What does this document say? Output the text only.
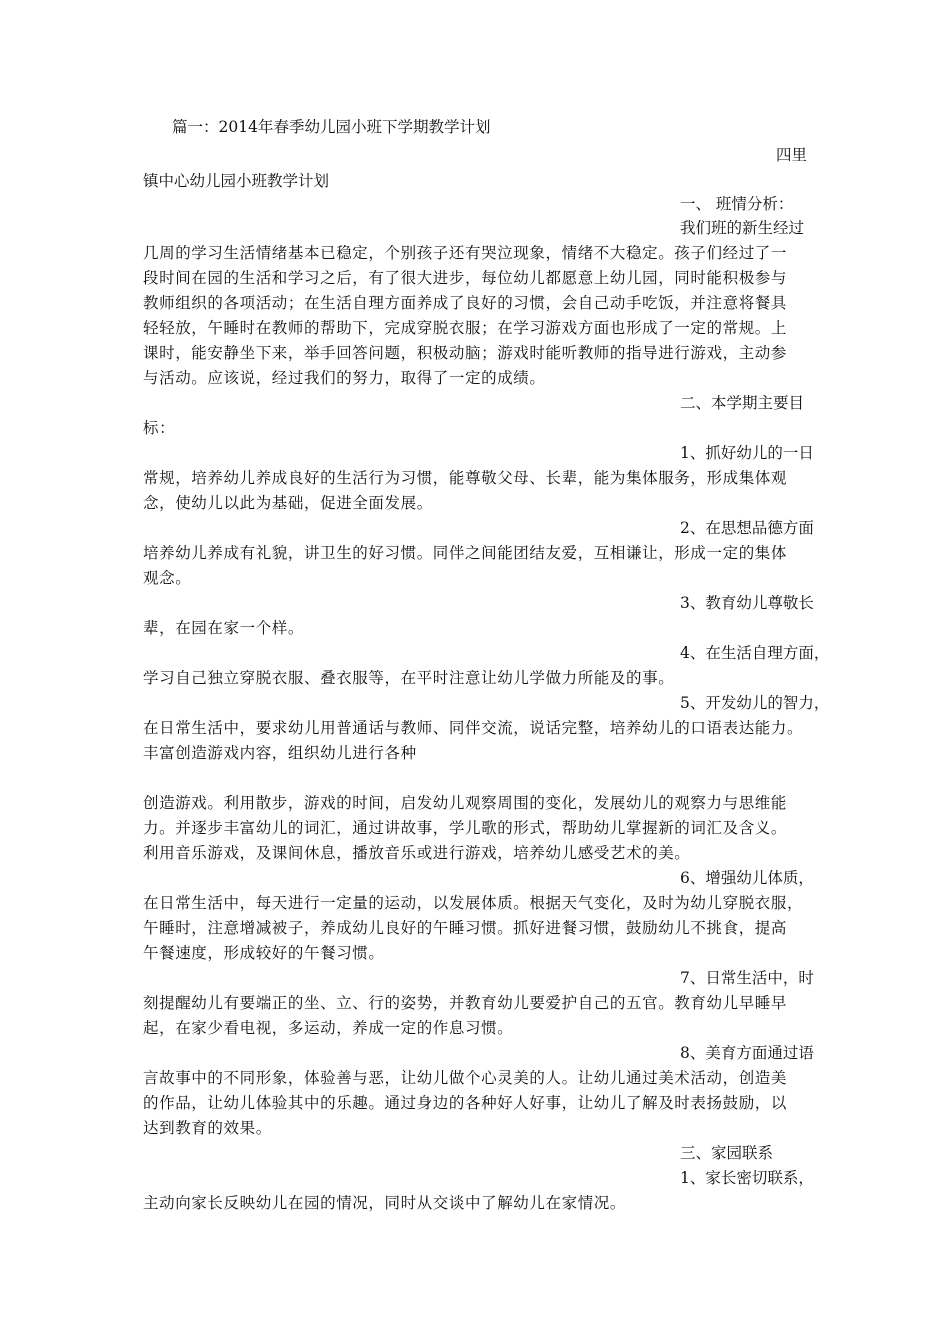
篇一：2014年春季幼儿园小班下学期教学计划
四里
镇中心幼儿园小班教学计划
一、 班情分析：
我们班的新生经过
几周的学习生活情绪基本已稳定，个别孩子还有哭泣现象，情绪不大稳定。孩子们经过了一
段时间在园的生活和学习之后，有了很大进步，每位幼儿都愿意上幼儿园，同时能积极参与
教师组织的各项活动；在生活自理方面养成了良好的习惯，会自己动手吃饭，并注意将餐具
轻轻放，午睡时在教师的帮助下，完成穿脱衣服；在学习游戏方面也形成了一定的常规。上
课时，能安静坐下来，举手回答问题，积极动脑；游戏时能听教师的指导进行游戏，主动参
与活动。应该说，经过我们的努力，取得了一定的成绩。
二、本学期主要目
标：
1、抓好幼儿的一日
常规，培养幼儿养成良好的生活行为习惯，能尊敬父母、长辈，能为集体服务，形成集体观
念，使幼儿以此为基础，促进全面发展。
2、在思想品德方面
培养幼儿养成有礼貌，讲卫生的好习惯。同伴之间能团结友爱，互相谦让，形成一定的集体
观念。
3、教育幼儿尊敬长
辈，在园在家一个样。
4、在生活自理方面，
学习自己独立穿脱衣服、叠衣服等，在平时注意让幼儿学做力所能及的事。
5、开发幼儿的智力，
在日常生活中，要求幼儿用普通话与教师、同伴交流，说话完整，培养幼儿的口语表达能力。
丰富创造游戏内容，组织幼儿进行各种
创造游戏。利用散步，游戏的时间，启发幼儿观察周围的变化，发展幼儿的观察力与思维能
力。并逐步丰富幼儿的词汇，通过讲故事，学儿歌的形式，帮助幼儿掌握新的词汇及含义。
利用音乐游戏，及课间休息，播放音乐或进行游戏，培养幼儿感受艺术的美。
6、增强幼儿体质，
在日常生活中，每天进行一定量的运动，以发展体质。根据天气变化，及时为幼儿穿脱衣服，
午睡时，注意增减被子，养成幼儿良好的午睡习惯。抓好进餐习惯，鼓励幼儿不挑食，提高
午餐速度，形成较好的午餐习惯。
7、日常生活中，时
刻提醒幼儿有要端正的坐、立、行的姿势，并教育幼儿要爱护自己的五官。教育幼儿早睡早
起，在家少看电视，多运动，养成一定的作息习惯。
8、美育方面通过语
言故事中的不同形象，体验善与恶，让幼儿做个心灵美的人。让幼儿通过美术活动，创造美
的作品，让幼儿体验其中的乐趣。通过身边的各种好人好事，让幼儿了解及时表扬鼓励，以
达到教育的效果。
三、家园联系
1、家长密切联系，
主动向家长反映幼儿在园的情况，同时从交谈中了解幼儿在家情况。
